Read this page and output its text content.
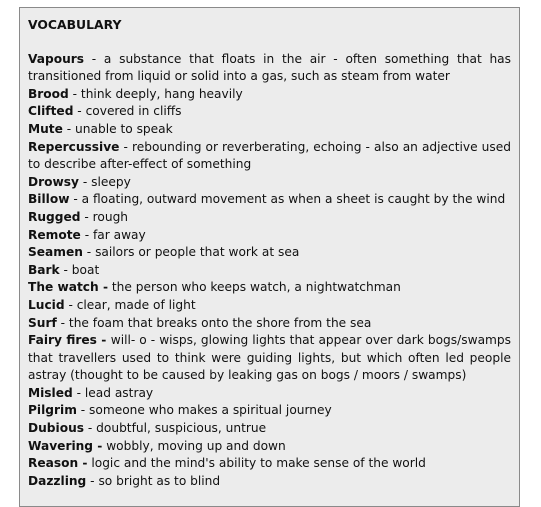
VOCABULARY

Vapours - a substance that floats in the air - often something that has transitioned from liquid or solid into a gas, such as steam from water

Brood - think deeply, hang heavily

Clifted - covered in cliffs

Mute - unable to speak

Repercussive - rebounding or reverberating, echoing - also an adjective used to describe after-effect of something

Drowsy - sleepy

Billow - a floating, outward movement as when a sheet is caught by the wind

Rugged - rough

Remote - far away

Seamen - sailors or people that work at sea

Bark - boat

The watch - the person who keeps watch, a nightwatchman

Lucid - clear, made of light

Surf - the foam that breaks onto the shore from the sea

Fairy fires - will- o - wisps, glowing lights that appear over dark bogs/swamps that travellers used to think were guiding lights, but which often led people astray (thought to be caused by leaking gas on bogs / moors / swamps)

Misled - lead astray

Pilgrim - someone who makes a spiritual journey

Dubious - doubtful, suspicious, untrue

Wavering - wobbly, moving up and down

Reason - logic and the mind's ability to make sense of the world

Dazzling - so bright as to blind
